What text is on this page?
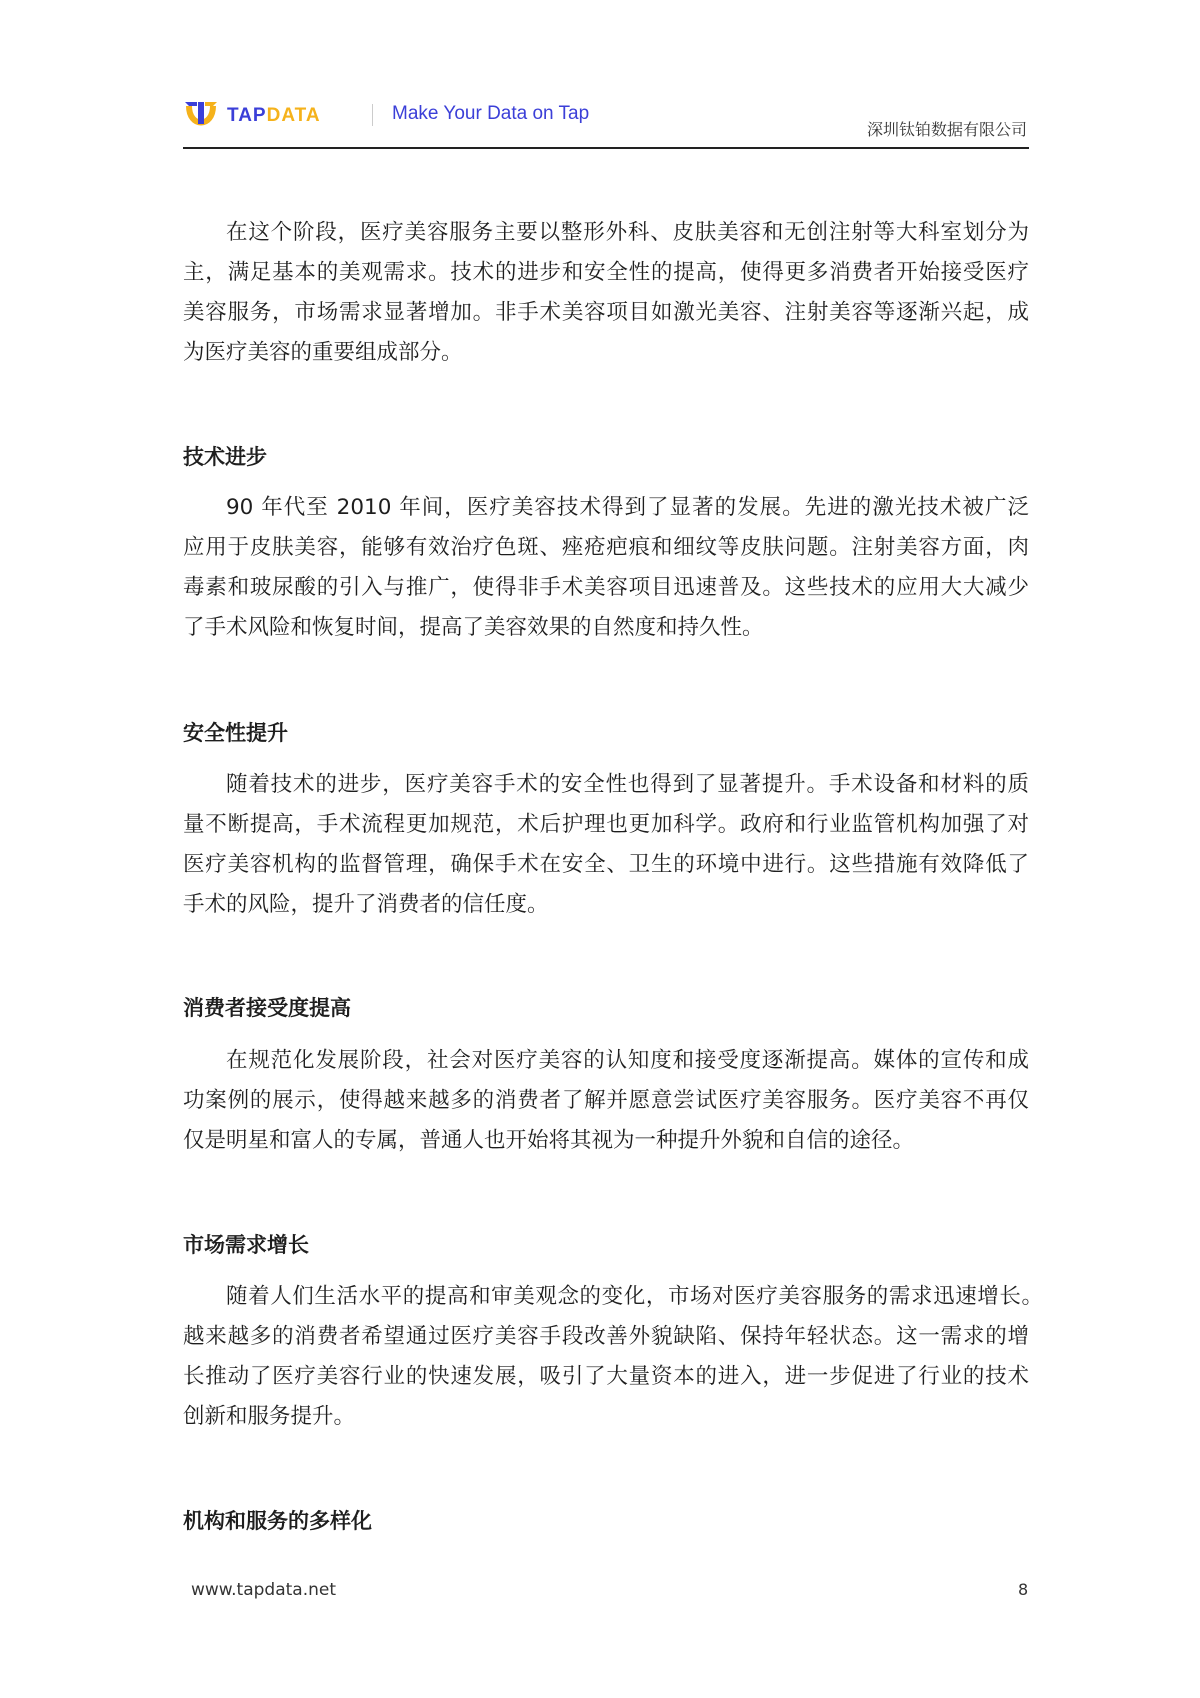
TAPDATA	Make Your Data on Tap
深圳钛铂数据有限公司
在这个阶段，医疗美容服务主要以整形外科、皮肤美容和无创注射等大科室划分为
主，满足基本的美观需求。技术的进步和安全性的提高，使得更多消费者开始接受医疗
美容服务，市场需求显著增加。非手术美容项目如激光美容、注射美容等逐渐兴起，成
为医疗美容的重要组成部分。
技术进步
90 年代至 2010 年间，医疗美容技术得到了显著的发展。先进的激光技术被广泛
应用于皮肤美容，能够有效治疗色斑、痤疮疤痕和细纹等皮肤问题。注射美容方面，肉
毒素和玻尿酸的引入与推广，使得非手术美容项目迅速普及。这些技术的应用大大减少
了手术风险和恢复时间，提高了美容效果的自然度和持久性。
安全性提升
随着技术的进步，医疗美容手术的安全性也得到了显著提升。手术设备和材料的质
量不断提高，手术流程更加规范，术后护理也更加科学。政府和行业监管机构加强了对
医疗美容机构的监督管理，确保手术在安全、卫生的环境中进行。这些措施有效降低了
手术的风险，提升了消费者的信任度。
消费者接受度提高
在规范化发展阶段，社会对医疗美容的认知度和接受度逐渐提高。媒体的宣传和成
功案例的展示，使得越来越多的消费者了解并愿意尝试医疗美容服务。医疗美容不再仅
仅是明星和富人的专属，普通人也开始将其视为一种提升外貌和自信的途径。
市场需求增长
随着人们生活水平的提高和审美观念的变化，市场对医疗美容服务的需求迅速增长。
越来越多的消费者希望通过医疗美容手段改善外貌缺陷、保持年轻状态。这一需求的增
长推动了医疗美容行业的快速发展，吸引了大量资本的进入，进一步促进了行业的技术
创新和服务提升。
机构和服务的多样化
www.tapdata.net	8
